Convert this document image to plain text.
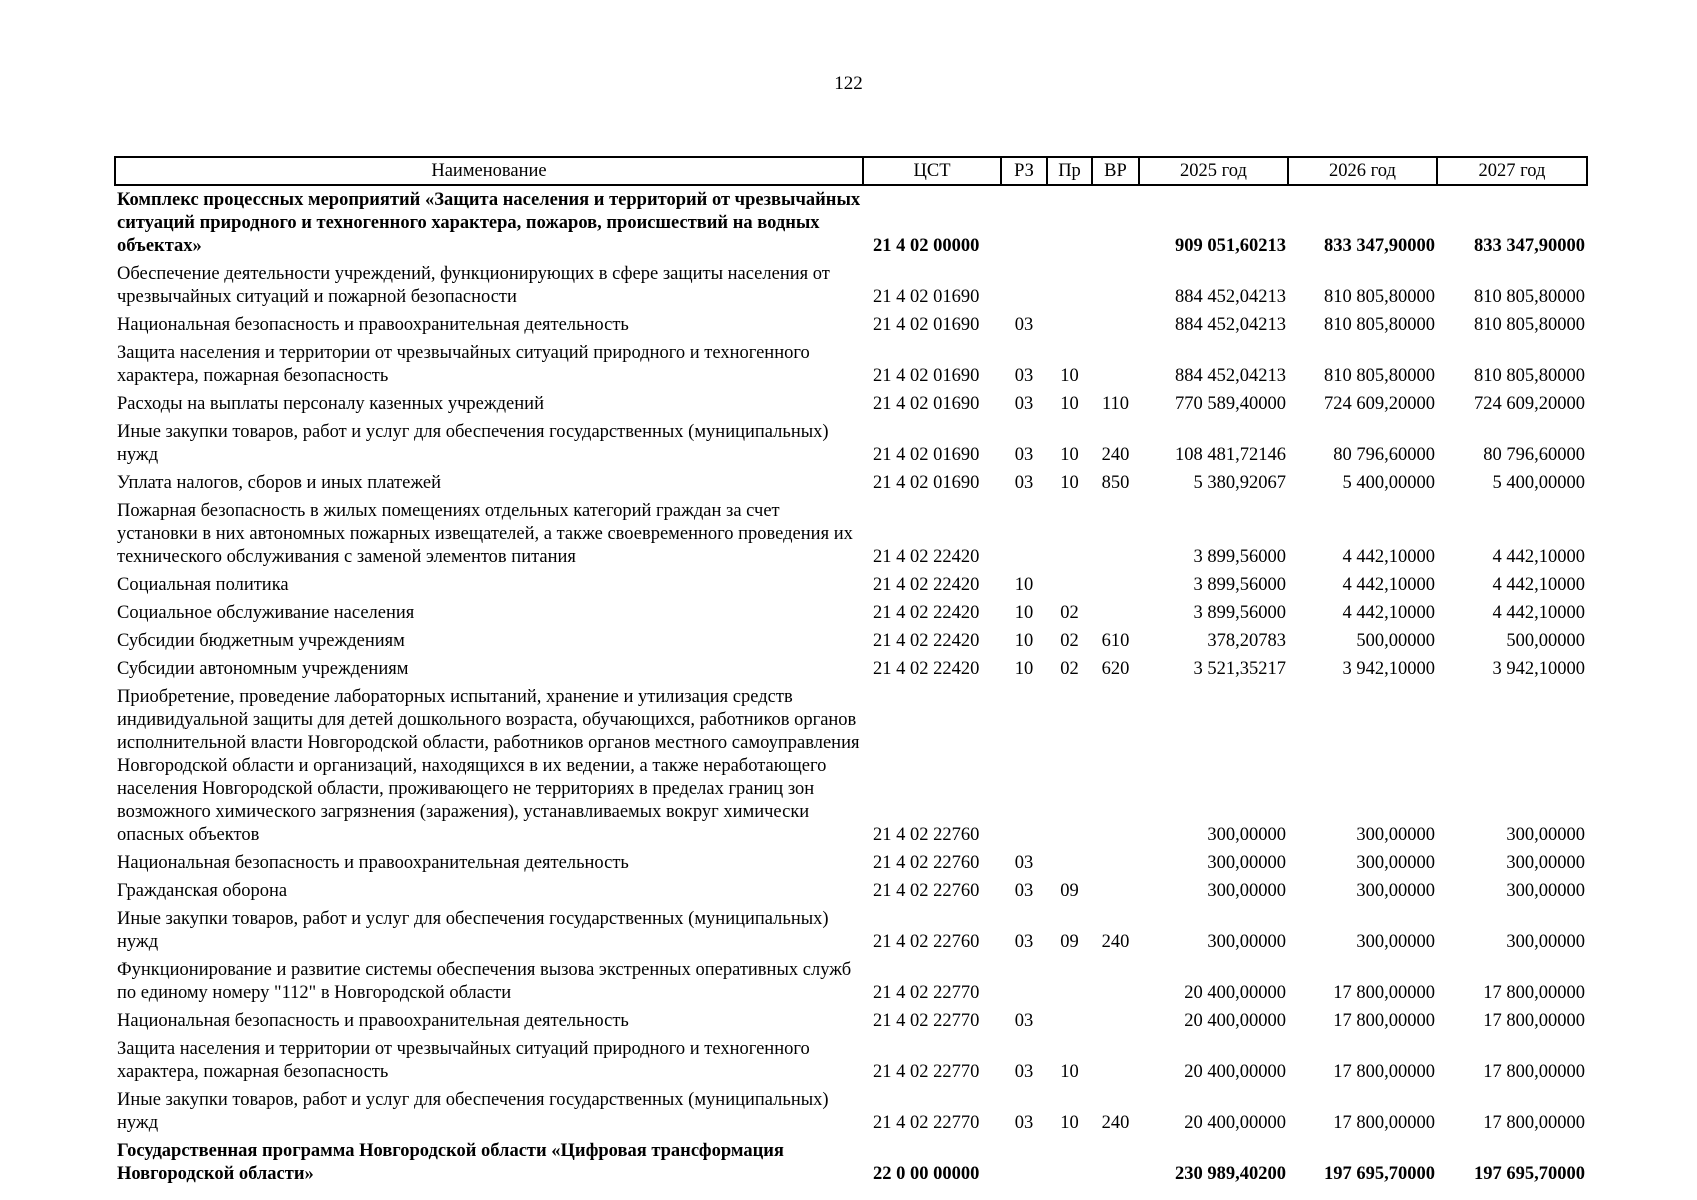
122
Наименование	ЦСТ	РЗ	Пр	ВР	2025 год	2026 год	2027 год
Комплекс процессных мероприятий «Защита населения и территорий от чрезвычайных ситуаций природного и техногенного характера, пожаров, происшествий на водных объектах»	21 4 02 00000				909 051,60213	833 347,90000	833 347,90000
Обеспечение деятельности учреждений, функционирующих в сфере защиты населения от чрезвычайных ситуаций и пожарной безопасности	21 4 02 01690				884 452,04213	810 805,80000	810 805,80000
Национальная безопасность и правоохранительная деятельность	21 4 02 01690	03			884 452,04213	810 805,80000	810 805,80000
Защита населения и территории от чрезвычайных ситуаций природного и техногенного характера, пожарная безопасность	21 4 02 01690	03	10		884 452,04213	810 805,80000	810 805,80000
Расходы на выплаты персоналу казенных учреждений	21 4 02 01690	03	10	110	770 589,40000	724 609,20000	724 609,20000
Иные закупки товаров, работ и услуг для обеспечения государственных (муниципальных) нужд	21 4 02 01690	03	10	240	108 481,72146	80 796,60000	80 796,60000
Уплата налогов, сборов и иных платежей	21 4 02 01690	03	10	850	5 380,92067	5 400,00000	5 400,00000
Пожарная безопасность в жилых помещениях отдельных категорий граждан за счет установки в них автономных пожарных извещателей, а также своевременного проведения их технического обслуживания с заменой элементов питания	21 4 02 22420				3 899,56000	4 442,10000	4 442,10000
Социальная политика	21 4 02 22420	10			3 899,56000	4 442,10000	4 442,10000
Социальное обслуживание населения	21 4 02 22420	10	02		3 899,56000	4 442,10000	4 442,10000
Субсидии бюджетным учреждениям	21 4 02 22420	10	02	610	378,20783	500,00000	500,00000
Субсидии автономным учреждениям	21 4 02 22420	10	02	620	3 521,35217	3 942,10000	3 942,10000
Приобретение, проведение лабораторных испытаний, хранение и утилизация средств индивидуальной защиты для детей дошкольного возраста, обучающихся, работников органов исполнительной власти Новгородской области, работников органов местного самоуправления Новгородской области и организаций, находящихся в их ведении, а также неработающего населения Новгородской области, проживающего не территориях в пределах границ зон возможного химического загрязнения (заражения), устанавливаемых вокруг химически опасных объектов	21 4 02 22760				300,00000	300,00000	300,00000
Национальная безопасность и правоохранительная деятельность	21 4 02 22760	03			300,00000	300,00000	300,00000
Гражданская оборона	21 4 02 22760	03	09		300,00000	300,00000	300,00000
Иные закупки товаров, работ и услуг для обеспечения государственных (муниципальных) нужд	21 4 02 22760	03	09	240	300,00000	300,00000	300,00000
Функционирование и развитие системы обеспечения вызова экстренных оперативных служб по единому номеру "112" в Новгородской области	21 4 02 22770				20 400,00000	17 800,00000	17 800,00000
Национальная безопасность и правоохранительная деятельность	21 4 02 22770	03			20 400,00000	17 800,00000	17 800,00000
Защита населения и территории от чрезвычайных ситуаций природного и техногенного характера, пожарная безопасность	21 4 02 22770	03	10		20 400,00000	17 800,00000	17 800,00000
Иные закупки товаров, работ и услуг для обеспечения государственных (муниципальных) нужд	21 4 02 22770	03	10	240	20 400,00000	17 800,00000	17 800,00000
Государственная программа Новгородской области «Цифровая трансформация Новгородской области»	22 0 00 00000				230 989,40200	197 695,70000	197 695,70000
